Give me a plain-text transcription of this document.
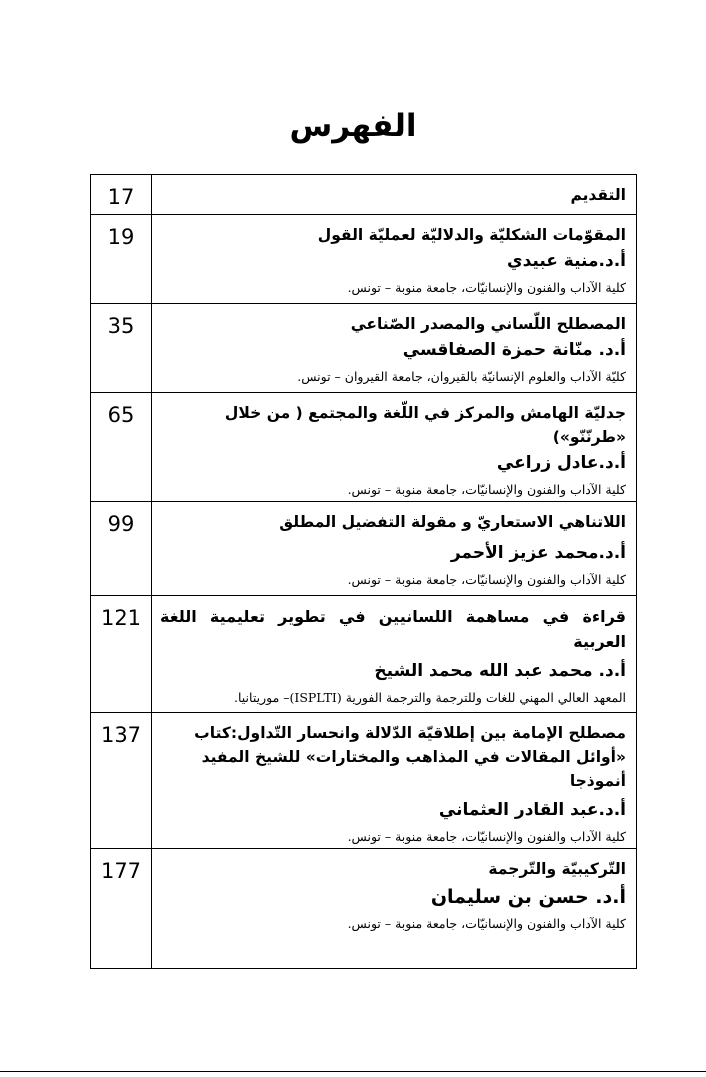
الفهرس
التقديم	17

المقوّمات الشكليّة والدلاليّة لعمليّة القول
أ.د.منية عبيدي
كلية الآداب والفنون والإنسانيّات، جامعة منوبة – تونس.	19

المصطلح اللّساني والمصدر الصّناعي
أ.د. منّانة حمزة الصفاقسي
كليّة الآداب والعلوم الإنسانيّة بالقيروان، جامعة القيروان – تونس.	35

جدليّة الهامش والمركز في اللّغة والمجتمع ( من خلال «طرنّنّو»)
أ.د.عادل زراعي
كلية الآداب والفنون والإنسانيّات، جامعة منوبة – تونس.	65

اللاتناهي الاستعاريّ و مقولة التفضيل المطلق
أ.د.محمد عزيز الأحمر
كلية الآداب والفنون والإنسانيّات، جامعة منوبة – تونس.	99

قراءة في مساهمة اللسانيين في تطوير تعليمية اللغة العربية
أ.د. محمد عبد الله محمد الشيخ
المعهد العالي المهني للغات وللترجمة والترجمة الفورية (ISPLTI)– موريتانيا.	121

مصطلح الإمامة بين إطلاقيّة الدّلالة وانحسار التّداول:كتاب «أوائل المقالات في المذاهب والمختارات» للشيخ المفيد أنموذجا
أ.د.عبد القادر العثماني
كلية الآداب والفنون والإنسانيّات، جامعة منوبة – تونس.	137

التّركيبيّة والتّرجمة
أ.د. حسن بن سليمان
كلية الآداب والفنون والإنسانيّات، جامعة منوبة – تونس.	177
